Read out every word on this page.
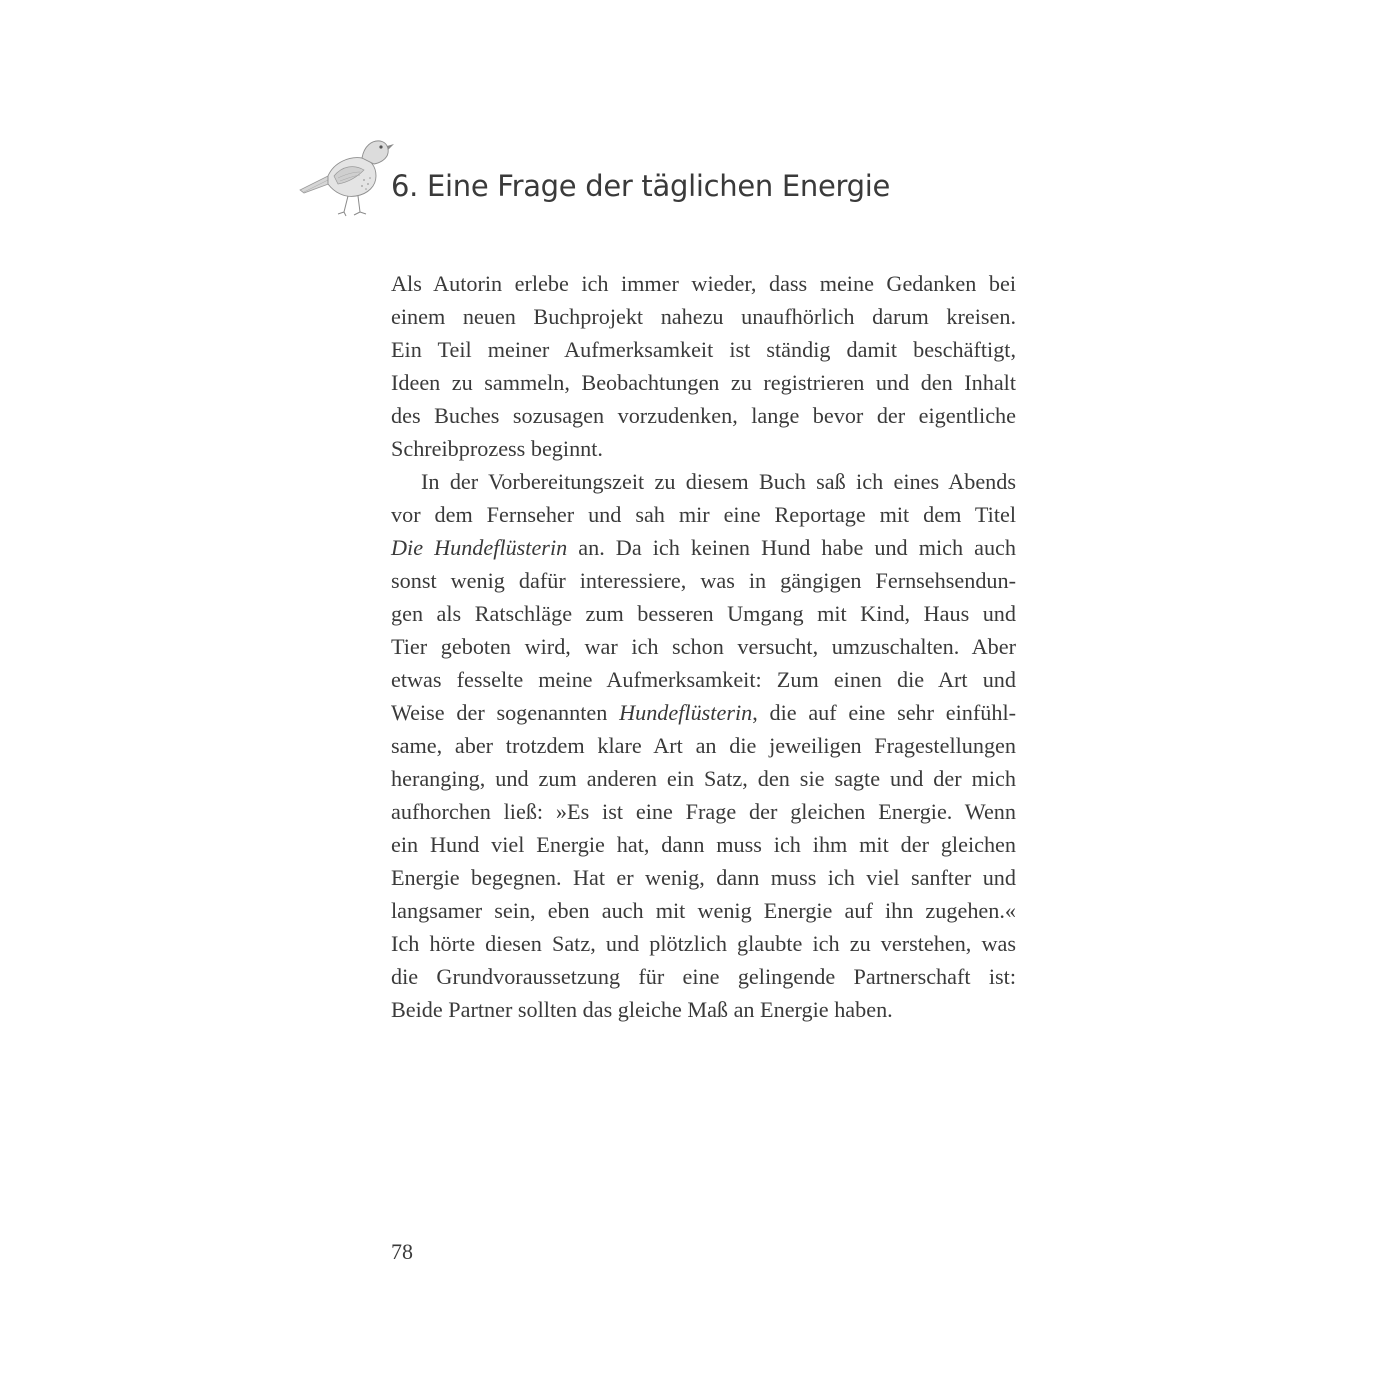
6. Eine Frage der täglichen Energie
Als Autorin erlebe ich immer wieder, dass meine Gedanken bei
einem neuen Buchprojekt nahezu unaufhörlich darum kreisen.
Ein Teil meiner Aufmerksamkeit ist ständig damit beschäftigt,
Ideen zu sammeln, Beobachtungen zu registrieren und den Inhalt
des Buches sozusagen vorzudenken, lange bevor der eigentliche
Schreibprozess beginnt.
In der Vorbereitungszeit zu diesem Buch saß ich eines Abends
vor dem Fernseher und sah mir eine Reportage mit dem Titel
Die Hundeflüsterin an. Da ich keinen Hund habe und mich auch
sonst wenig dafür interessiere, was in gängigen Fernsehsendun-
gen als Ratschläge zum besseren Umgang mit Kind, Haus und
Tier geboten wird, war ich schon versucht, umzuschalten. Aber
etwas fesselte meine Aufmerksamkeit: Zum einen die Art und
Weise der sogenannten Hundeflüsterin, die auf eine sehr einfühl-
same, aber trotzdem klare Art an die jeweiligen Fragestellungen
heranging, und zum anderen ein Satz, den sie sagte und der mich
aufhorchen ließ: »Es ist eine Frage der gleichen Energie. Wenn
ein Hund viel Energie hat, dann muss ich ihm mit der gleichen
Energie begegnen. Hat er wenig, dann muss ich viel sanfter und
langsamer sein, eben auch mit wenig Energie auf ihn zugehen.«
Ich hörte diesen Satz, und plötzlich glaubte ich zu verstehen, was
die Grundvoraussetzung für eine gelingende Partnerschaft ist:
Beide Partner sollten das gleiche Maß an Energie haben.
78
